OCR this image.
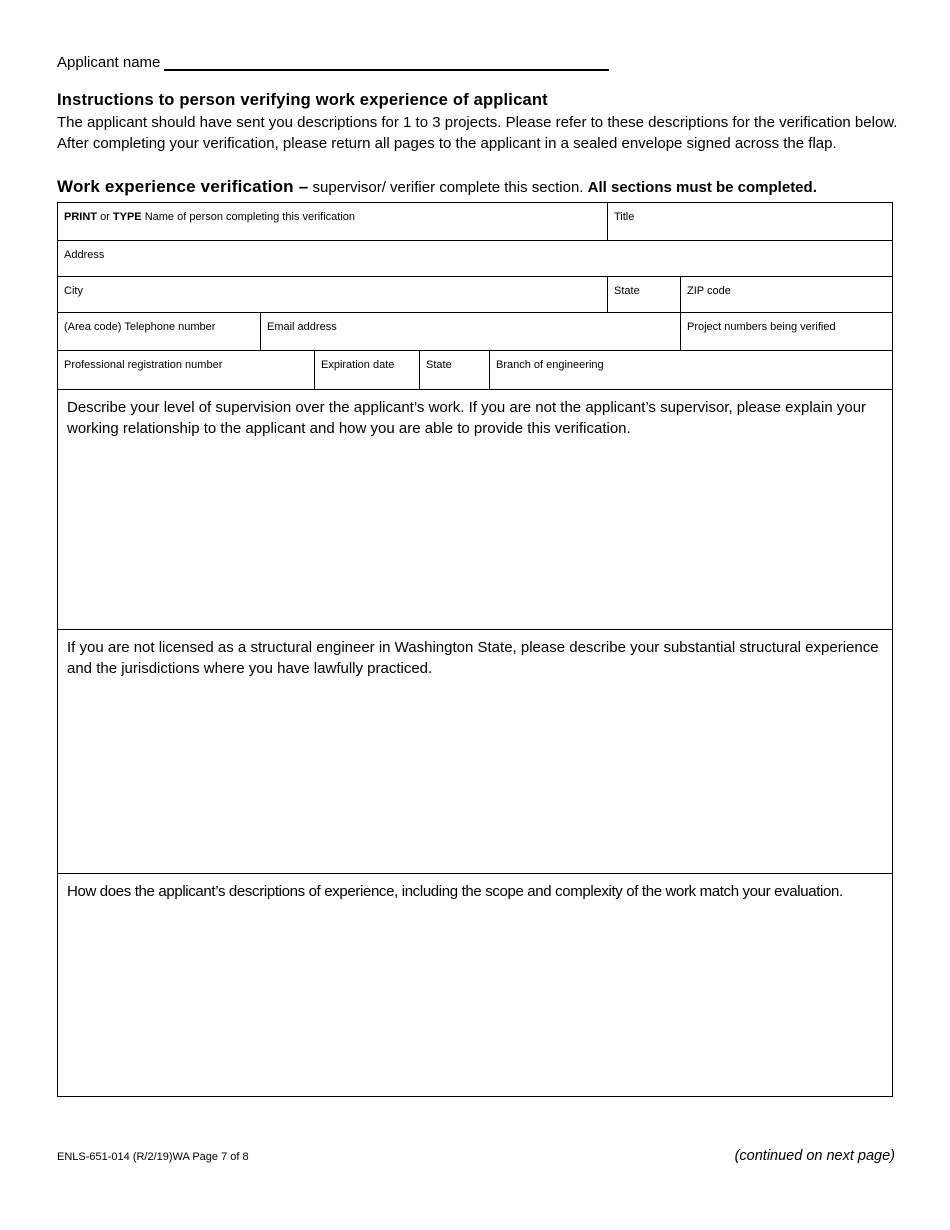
Applicant name
Instructions to person verifying work experience of applicant

The applicant should have sent you descriptions for 1 to 3 projects. Please refer to these descriptions for the verification below. After completing your verification, please return all pages to the applicant in a sealed envelope signed across the flap.

Work experience verification – supervisor/ verifier complete this section. All sections must be completed.

PRINT or TYPE Name of person completing this verification	Title
Address
City	State	ZIP code
(Area code) Telephone number	Email address	Project numbers being verified
Professional registration number	Expiration date	State	Branch of engineering
Describe your level of supervision over the applicant’s work. If you are not the applicant’s supervisor, please explain your working relationship to the applicant and how you are able to provide this verification.
If you are not licensed as a structural engineer in Washington State, please describe your substantial structural experience and the jurisdictions where you have lawfully practiced.
How does the applicant’s descriptions of experience, including the scope and complexity of the work match your evaluation.
ENLS-651-014 (R/2/19)WA Page 7 of 8	(continued on next page)
